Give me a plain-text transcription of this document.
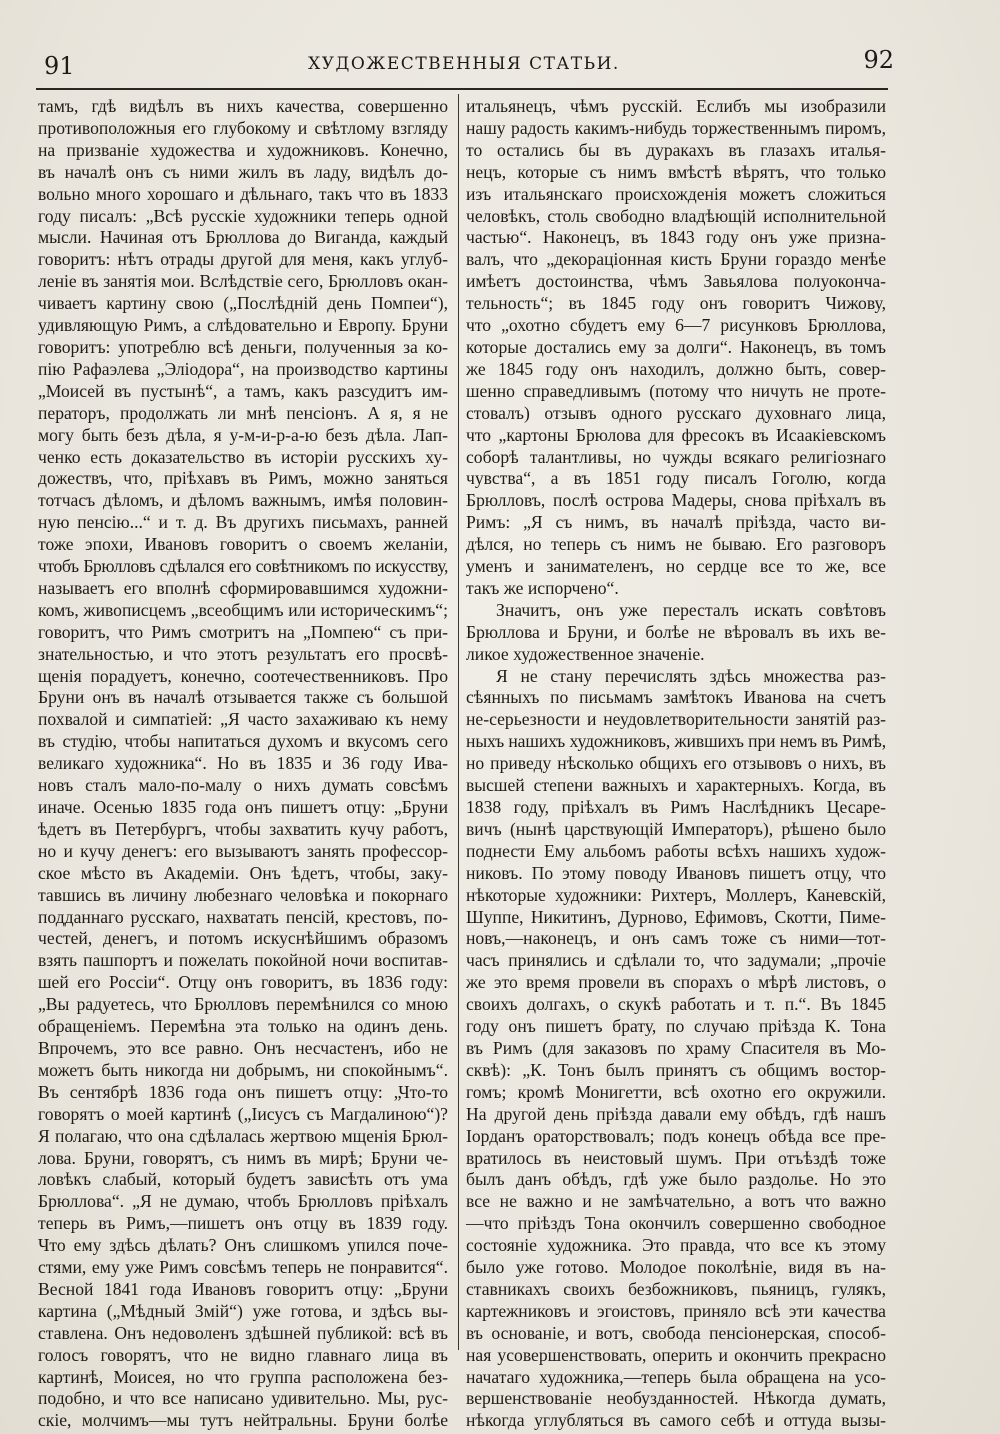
91	ХУДОЖЕСТВЕННЫЯ СТАТЬИ.	92

тамъ, гдѣ видѣлъ въ нихъ качества, совершенно

противоположныя его глубокому и свѣтлому взгляду

на призваніе художества и художниковъ. Конечно,

въ началѣ онъ съ ними жилъ въ ладу, видѣлъ до-

вольно много хорошаго и дѣльнаго, такъ что въ 1833

году писалъ: „Всѣ русскіе художники теперь одной

мысли. Начиная отъ Брюллова до Виганда, каждый

говоритъ: нѣтъ отрады другой для меня, какъ углуб-

леніе въ занятія мои. Вслѣдствіе сего, Брюлловъ окан-

чиваетъ картину свою („Послѣдній день Помпеи“),

удивляющую Римъ, а слѣдовательно и Европу. Бруни

говоритъ: употреблю всѣ деньги, полученныя за ко-

пію Рафаэлева „Элiодора“, на производство картины

„Моисей въ пустынѣ“, а тамъ, какъ разсудитъ им-

ператоръ, продолжать ли мнѣ пенсіонъ. А я, я не

могу быть безъ дѣла, я у-м-и-р-а-ю безъ дѣла. Лап-

ченко есть доказательство въ исторіи русскихъ ху-

дожествъ, что, пріѣхавъ въ Римъ, можно заняться

тотчасъ дѣломъ, и дѣломъ важнымъ, имѣя половин-

ную пенсію...“ и т. д. Въ другихъ письмахъ, ранней

тоже эпохи, Ивановъ говоритъ о своемъ желаніи,

чтобъ Брюлловъ сдѣлался его совѣтникомъ по искусству,

называетъ его вполнѣ сформировавшимся художни-

комъ, живописцемъ „всеобщимъ или историческимъ“;

говоритъ, что Римъ смотритъ на „Помпею“ съ при-

знательностью, и что этотъ результатъ его просвѣ-

щенія порадуетъ, конечно, соотечественниковъ. Про

Бруни онъ въ началѣ отзывается также съ большой

похвалой и симпатіей: „Я часто захаживаю къ нему

въ студію, чтобы напитаться духомъ и вкусомъ сего

великаго художника“. Но въ 1835 и 36 году Ива-

новъ сталъ мало-по-малу о нихъ думать совсѣмъ

иначе. Осенью 1835 года онъ пишетъ отцу: „Бруни

ѣдетъ въ Петербургъ, чтобы захватить кучу работъ,

но и кучу денегъ: его вызываютъ занять профессор-

ское мѣсто въ Академіи. Онъ ѣдетъ, чтобы, заку-

тавшись въ личину любезнаго человѣка и покорнаго

подданнаго русскаго, нахватать пенсій, крестовъ, по-

честей, денегъ, и потомъ искуснѣйшимъ образомъ

взять пашпортъ и пожелать покойной ночи воспитав-

шей его Россіи“. Отцу онъ говоритъ, въ 1836 году:

„Вы радуетесь, что Брюлловъ перемѣнился со мною

обращеніемъ. Перемѣна эта только на одинъ день.

Впрочемъ, это все равно. Онъ несчастенъ, ибо не

можетъ быть никогда ни добрымъ, ни спокойнымъ“.

Въ сентябрѣ 1836 года онъ пишетъ отцу: „Что-то

говорятъ о моей картинѣ („Іисусъ съ Магдалиною“)?

Я полагаю, что она сдѣлалась жертвою мщенія Брюл-

лова. Бруни, говорятъ, съ нимъ въ мирѣ; Бруни че-

ловѣкъ слабый, который будетъ зависѣть отъ ума

Брюллова“. „Я не думаю, чтобъ Брюлловъ пріѣхалъ

теперь въ Римъ,—пишетъ онъ отцу въ 1839 году.

Что ему здѣсь дѣлать? Онъ слишкомъ упился поче-

стями, ему уже Римъ совсѣмъ теперь не понравится“.

Весной 1841 года Ивановъ говоритъ отцу: „Бруни

картина („Мѣдный Змій“) уже готова, и здѣсь вы-

ставлена. Онъ недоволенъ здѣшней публикой: всѣ въ

голосъ говорятъ, что не видно главнаго лица въ

картинѣ, Моисея, но что группа расположена без-

подобно, и что все написано удивительно. Мы, рус-

скіе, молчимъ—мы тутъ нейтральны. Бруни болѣе

итальянецъ, чѣмъ русскій. Еслибъ мы изобразили

нашу радость какимъ-нибудь торжественнымъ пиромъ,

то остались бы въ дуракахъ въ глазахъ италья-

нецъ, которые съ нимъ вмѣстѣ вѣрятъ, что только

изъ итальянскаго происхожденія можетъ сложиться

человѣкъ, столь свободно владѣющій исполнительной

частью“. Наконецъ, въ 1843 году онъ уже призна-

валъ, что „декораціонная кисть Бруни гораздо менѣе

имѣетъ достоинства, чѣмъ Завьялова полуоконча-

тельность“; въ 1845 году онъ говоритъ Чижову,

что „охотно сбудетъ ему 6—7 рисунковъ Брюллова,

которые достались ему за долги“. Наконецъ, въ томъ

же 1845 году онъ находилъ, должно быть, совер-

шенно справедливымъ (потому что ничуть не протe-

стовалъ) отзывъ одного русскаго духовнаго лица,

что „картоны Брюлова для фресокъ въ Исаакіевскомъ

соборѣ талантливы, но чужды всякаго религіознаго

чувства“, а въ 1851 году писалъ Гоголю, когда

Брюлловъ, послѣ острова Мадеры, снова пріѣхалъ въ

Римъ: „Я съ нимъ, въ началѣ пріѣзда, часто ви-

дѣлся, но теперь съ нимъ не бываю. Его разговоръ

уменъ и занимателенъ, но сердце все то же, все

такъ же испорчено“.

Значитъ, онъ уже пересталъ искать совѣтовъ

Брюллова и Бруни, и болѣе не вѣровалъ въ ихъ ве-

ликое художественное значеніе.

Я не стану перечислять здѣсь множества раз-

сѣянныхъ по письмамъ замѣтокъ Иванова на счетъ

не-серьезности и неудовлетворительности занятій раз-

ныхъ нашихъ художниковъ, жившихъ при немъ въ Римѣ,

но приведу нѣсколько общихъ его отзывовъ о нихъ, въ

высшей степени важныхъ и характерныхъ. Когда, въ

1838 году, пріѣхалъ въ Римъ Наслѣдникъ Цесаре-

вичъ (нынѣ царствующій Императоръ), рѣшено было

поднести Ему альбомъ работы всѣхъ нашихъ худож-

никовъ. По этому поводу Ивановъ пишетъ отцу, что

нѣкоторые художники: Рихтеръ, Моллеръ, Каневскій,

Шуппе, Никитинъ, Дурново, Ефимовъ, Скотти, Пиме-

новъ,—наконецъ, и онъ самъ тоже съ ними—тот-

часъ принялись и сдѣлали то, что задумали; „прочіе

же это время провели въ спорахъ о мѣрѣ листовъ, о

своихъ долгахъ, о скукѣ работать и т. п.“. Въ 1845

году онъ пишетъ брату, по случаю пріѣзда К. Тона

въ Римъ (для заказовъ по храму Спасителя въ Мо-

сквѣ): „К. Тонъ былъ принятъ съ общимъ востор-

гомъ; кромѣ Монигетти, всѣ охотно его окружили.

На другой день пріѣзда давали ему обѣдъ, гдѣ нашъ

Іорданъ ораторствовалъ; подъ конецъ обѣда все пре-

вратилось въ неистовый шумъ. При отъѣздѣ тоже

былъ данъ обѣдъ, гдѣ уже было раздолье. Но это

все не важно и не замѣчательно, а вотъ что важно

—что пріѣздъ Тона окончилъ совершенно свободное

состояніе художника. Это правда, что все къ этому

было уже готово. Молодое поколѣніе, видя въ на-

ставникахъ своихъ безбожниковъ, пьяницъ, гулякъ,

картежниковъ и эгоистовъ, приняло всѣ эти качества

въ основаніе, и вотъ, свобода пенсіонерская, способ-

ная усовершенствовать, оперить и окончить прекрасно

начатаго художника,—теперь была обращена на усо-

вершенствованіе необузданностей. Нѣкогда думать,

нѣкогда углубляться въ самого себѣ и оттуда вызы-
